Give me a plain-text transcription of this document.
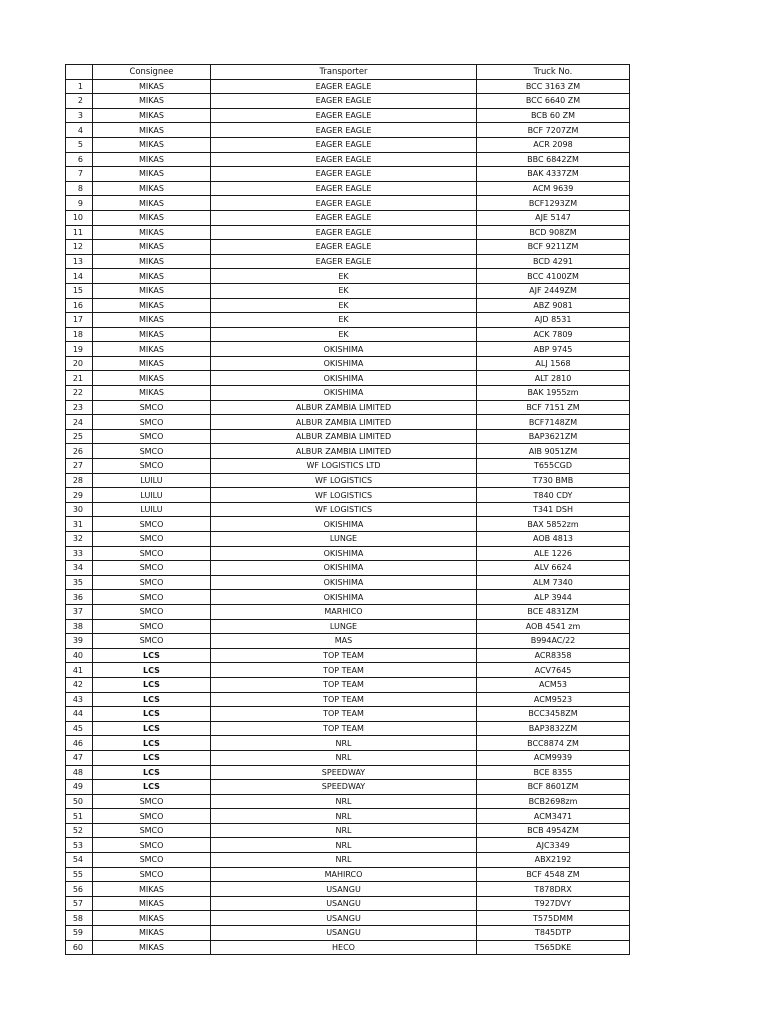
	Consignee	Transporter	Truck No.
1	MIKAS	EAGER EAGLE	BCC 3163 ZM
2	MIKAS	EAGER EAGLE	BCC 6640 ZM
3	MIKAS	EAGER EAGLE	BCB 60 ZM
4	MIKAS	EAGER EAGLE	BCF 7207ZM
5	MIKAS	EAGER EAGLE	ACR 2098
6	MIKAS	EAGER EAGLE	BBC 6842ZM
7	MIKAS	EAGER EAGLE	BAK 4337ZM
8	MIKAS	EAGER EAGLE	ACM 9639
9	MIKAS	EAGER EAGLE	BCF1293ZM
10	MIKAS	EAGER EAGLE	AJE 5147
11	MIKAS	EAGER EAGLE	BCD 908ZM
12	MIKAS	EAGER EAGLE	BCF 9211ZM
13	MIKAS	EAGER EAGLE	BCD 4291
14	MIKAS	EK	BCC 4100ZM
15	MIKAS	EK	AJF 2449ZM
16	MIKAS	EK	ABZ 9081
17	MIKAS	EK	AJD 8531
18	MIKAS	EK	ACK 7809
19	MIKAS	OKISHIMA	ABP 9745
20	MIKAS	OKISHIMA	ALJ 1568
21	MIKAS	OKISHIMA	ALT 2810
22	MIKAS	OKISHIMA	BAK 1955zm
23	SMCO	ALBUR ZAMBIA LIMITED	BCF 7151 ZM
24	SMCO	ALBUR ZAMBIA LIMITED	BCF7148ZM
25	SMCO	ALBUR ZAMBIA LIMITED	BAP3621ZM
26	SMCO	ALBUR ZAMBIA LIMITED	AIB 9051ZM
27	SMCO	WF LOGISTICS LTD	T655CGD
28	LUILU	WF LOGISTICS	T730 BMB
29	LUILU	WF LOGISTICS	T840 CDY
30	LUILU	WF LOGISTICS	T341 DSH
31	SMCO	OKISHIMA	BAX 5852zm
32	SMCO	LUNGE	AOB 4813
33	SMCO	OKISHIMA	ALE 1226
34	SMCO	OKISHIMA	ALV 6624
35	SMCO	OKISHIMA	ALM 7340
36	SMCO	OKISHIMA	ALP 3944
37	SMCO	MARHICO	BCE 4831ZM
38	SMCO	LUNGE	AOB 4541 zm
39	SMCO	MAS	B994AC/22
40	LCS	TOP TEAM	ACR8358
41	LCS	TOP TEAM	ACV7645
42	LCS	TOP TEAM	ACM53
43	LCS	TOP TEAM	ACM9523
44	LCS	TOP TEAM	BCC3458ZM
45	LCS	TOP TEAM	BAP3832ZM
46	LCS	NRL	BCC8874 ZM
47	LCS	NRL	ACM9939
48	LCS	SPEEDWAY	BCE 8355
49	LCS	SPEEDWAY	BCF 8601ZM
50	SMCO	NRL	BCB2698zm
51	SMCO	NRL	ACM3471
52	SMCO	NRL	BCB 4954ZM
53	SMCO	NRL	AJC3349
54	SMCO	NRL	ABX2192
55	SMCO	MAHIRCO	BCF 4548 ZM
56	MIKAS	USANGU	T878DRX
57	MIKAS	USANGU	T927DVY
58	MIKAS	USANGU	T575DMM
59	MIKAS	USANGU	T845DTP
60	MIKAS	HECO	T565DKE
